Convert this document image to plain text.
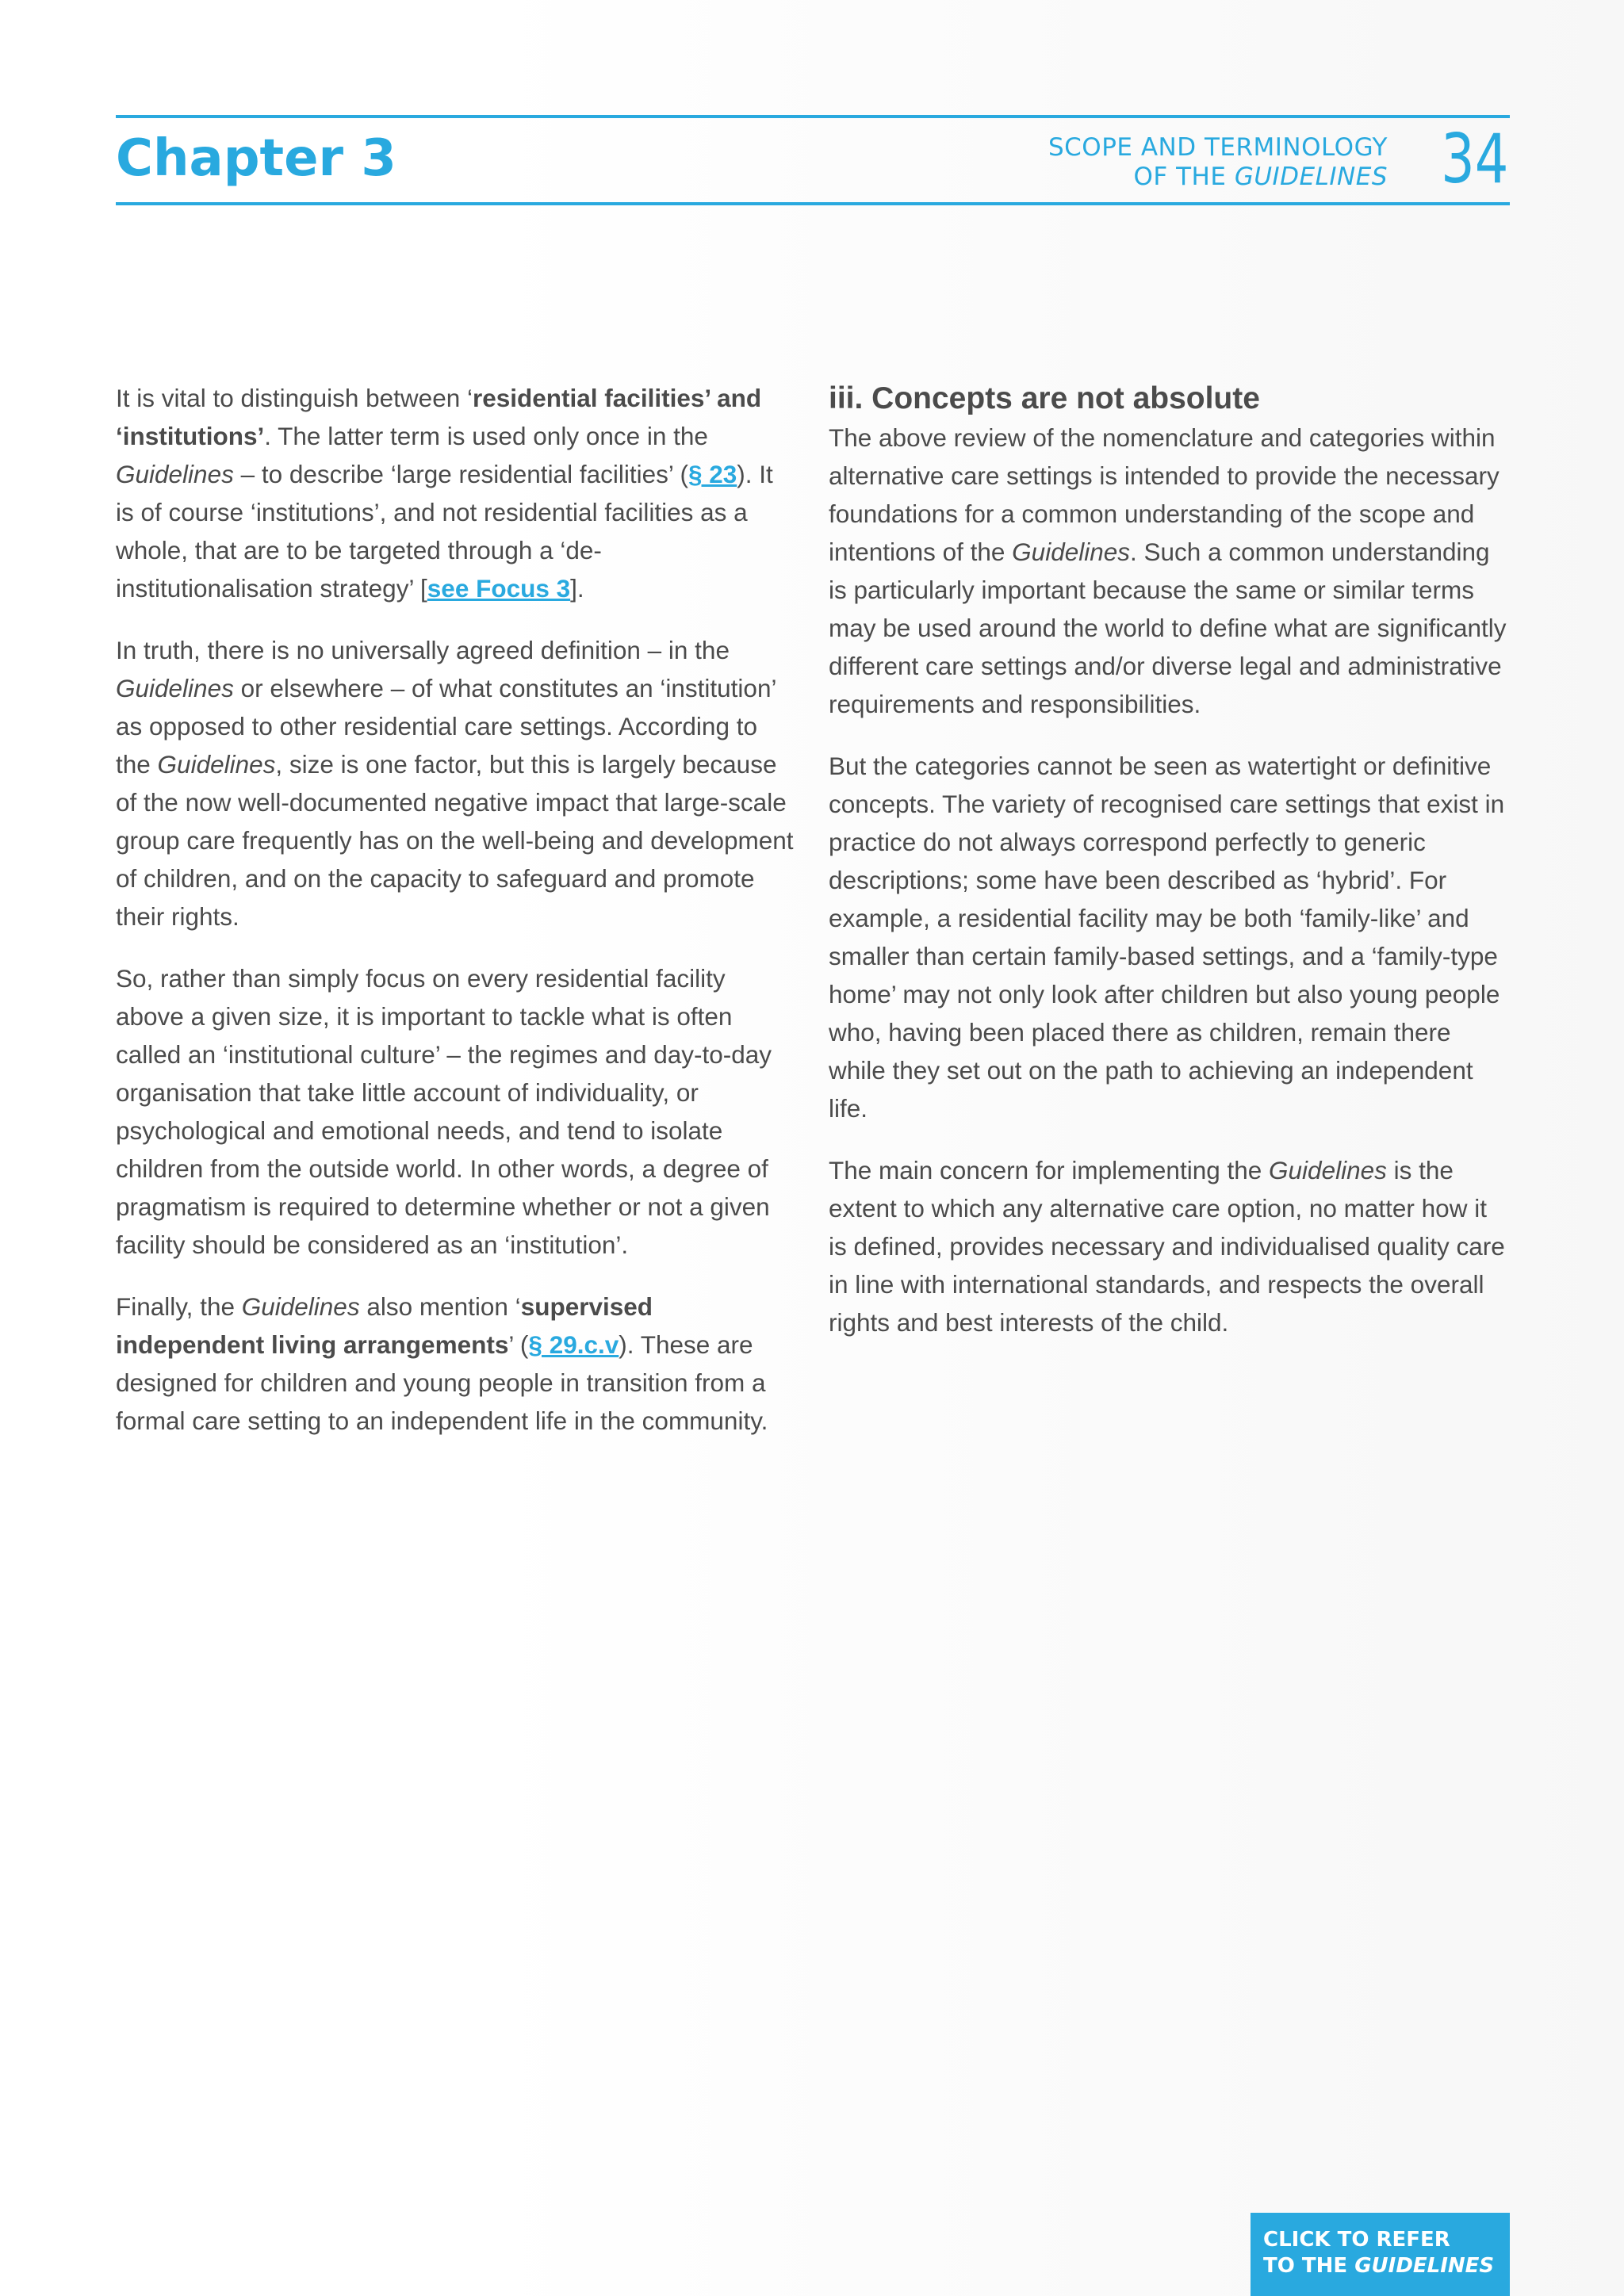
Chapter 3	SCOPE AND TERMINOLOGY
OF THE GUIDELINES 34

It is vital to distinguish between ‘residential facilities’ and ‘institutions’. The latter term is used only once in the Guidelines – to describe ‘large residential facilities’ (§ 23). It is of course ‘institutions’, and not residential facilities as a whole, that are to be targeted through a ‘de-institutionalisation strategy’ [see Focus 3].

In truth, there is no universally agreed definition – in the Guidelines or elsewhere – of what constitutes an ‘institution’ as opposed to other residential care settings. According to the Guidelines, size is one factor, but this is largely because of the now well-documented negative impact that large-scale group care frequently has on the well-being and development of children, and on the capacity to safeguard and promote their rights.

So, rather than simply focus on every residential facility above a given size, it is important to tackle what is often called an ‘institutional culture’ – the regimes and day-to-day organisation that take little account of individuality, or psychological and emotional needs, and tend to isolate children from the outside world. In other words, a degree of pragmatism is required to determine whether or not a given facility should be considered as an ‘institution’.

Finally, the Guidelines also mention ‘supervised independent living arrangements’ (§ 29.c.v). These are designed for children and young people in transition from a formal care setting to an independent life in the community.

iii. Concepts are not absolute

The above review of the nomenclature and categories within alternative care settings is intended to provide the necessary foundations for a common understanding of the scope and intentions of the Guidelines. Such a common understanding is particularly important because the same or similar terms may be used around the world to define what are significantly different care settings and/or diverse legal and administrative requirements and responsibilities.

But the categories cannot be seen as watertight or definitive concepts. The variety of recognised care settings that exist in practice do not always correspond perfectly to generic descriptions; some have been described as ‘hybrid’. For example, a residential facility may be both ‘family-like’ and smaller than certain family-based settings, and a ‘family-type home’ may not only look after children but also young people who, having been placed there as children, remain there while they set out on the path to achieving an independent life.

The main concern for implementing the Guidelines is the extent to which any alternative care option, no matter how it is defined, provides necessary and individualised quality care in line with international standards, and respects the overall rights and best interests of the child.

CLICK TO REFER
TO THE GUIDELINES
